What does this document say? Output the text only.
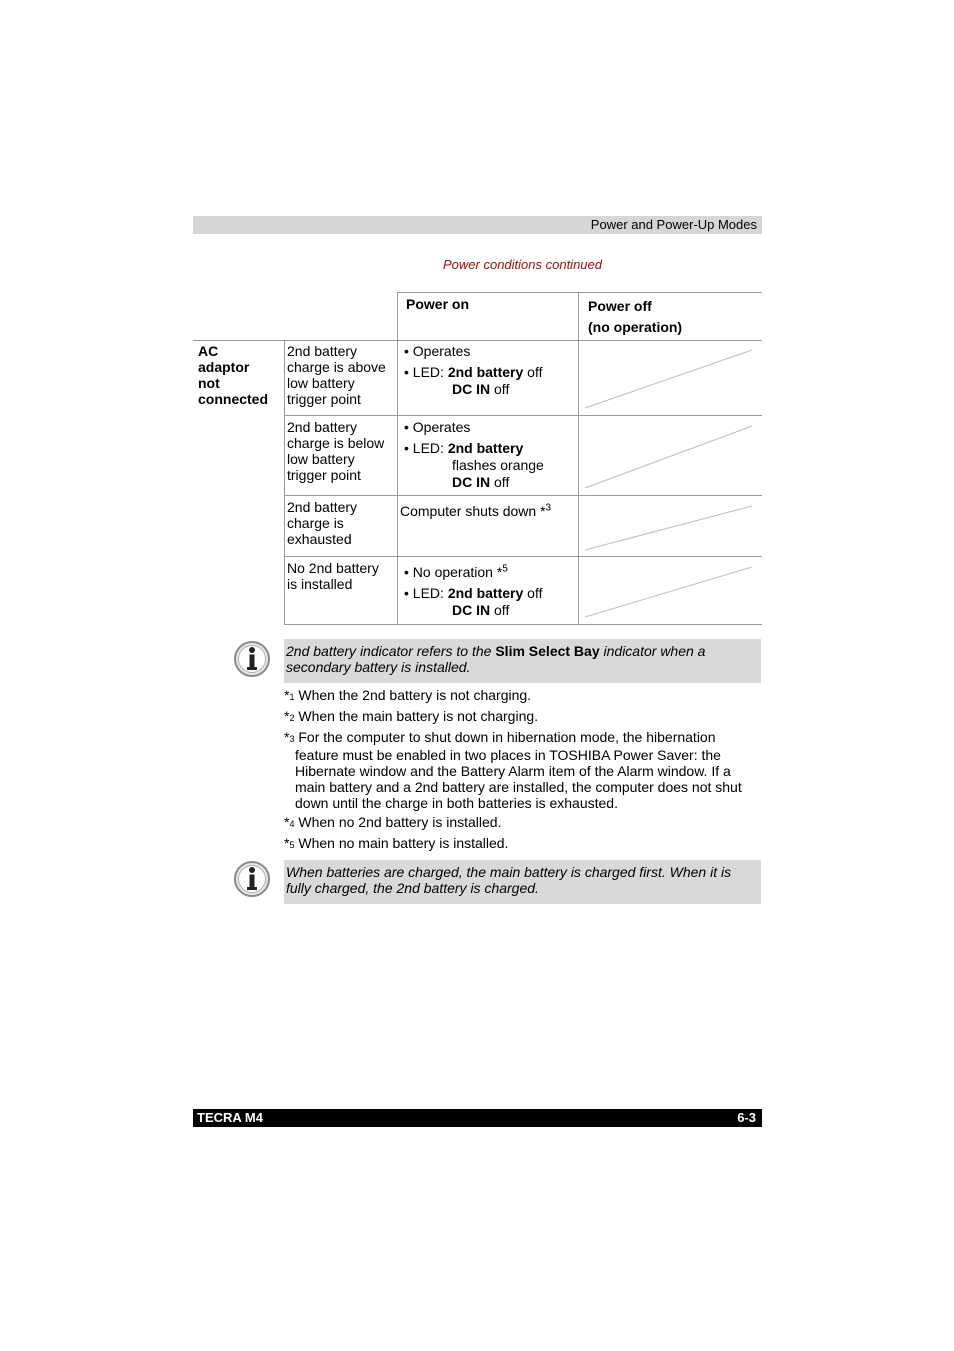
Power and Power-Up Modes
Power conditions continued
Power on	Power off
(no operation)
AC
adaptor
not
connected
2nd battery
charge is above
low battery
trigger point
• Operates
• LED: 2nd battery off

DC IN off
2nd battery
charge is below
low battery
trigger point
• Operates
• LED: 2nd battery

flashes orange
DC IN off
2nd battery
charge is
exhausted
Computer shuts down *$^3$
No 2nd battery
is installed
• No operation *$^5$
• LED: 2nd battery off

DC IN off
2nd battery indicator refers to the Slim Select Bay indicator when a secondary battery is installed.
*1 When the 2nd battery is not charging.
*2 When the main battery is not charging.
*3 For the computer to shut down in hibernation mode, the hibernation
feature must be enabled in two places in TOSHIBA Power Saver: the Hibernate window and the Battery Alarm item of the Alarm window. If a main battery and a 2nd battery are installed, the computer does not shut down until the charge in both batteries is exhausted.
*4 When no 2nd battery is installed.
*5 When no main battery is installed.
When batteries are charged, the main battery is charged first. When it is fully charged, the 2nd battery is charged.
TECRA M4	6-3
